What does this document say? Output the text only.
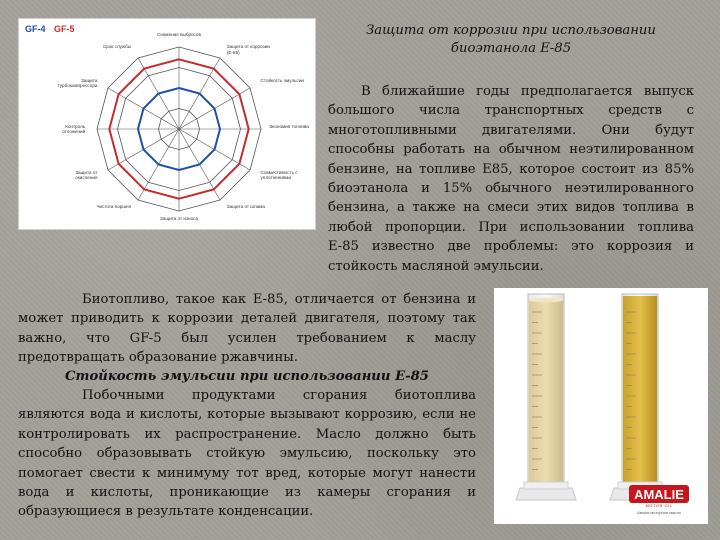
GF-4 GF-5
Снижение выбросов
Защита от коррозии (Е-85)
Стойкость эмульсии
Экономия топлива
Совместимость с уплотнениями
Защита от шлама
Защита от износа
Чистота поршня
Защита от окисления
Контроль отложений
Защита турбокомпрессора
Срок службы
Защита от коррозии при использовании
биоэтанола Е-85
В ближайшие годы предполагается выпуск большого числа транспортных средств с многотопливными двигателями. Они будут способны работать на обычном неэтилированном бензине, на топливе Е85, которое состоит из 85% биоэтанола и 15% обычного неэтилированного бензина, а также на смеси этих видов топлива в любой пропорции. При использовании топлива Е-85 известно две проблемы: это коррозия и стойкость масляной эмульсии.
AMALIE
MOTOR OIL
Амали моторное масло
Биотопливо, такое как Е-85, отличается от бензина и может приводить к коррозии деталей двигателя, поэтому так важно, что GF-5 был усилен требованием к маслу предотвращать образование ржавчины.
Стойкость эмульсии при использовании Е-85
Побочными продуктами сгорания биотоплива являются вода и кислоты, которые вызывают коррозию, если не контролировать их распространение. Масло должно быть способно образовывать стойкую эмульсию, поскольку это помогает свести к минимуму тот вред, которые могут нанести вода и кислоты, проникающие из камеры сгорания и образующиеся в результате конденсации.
